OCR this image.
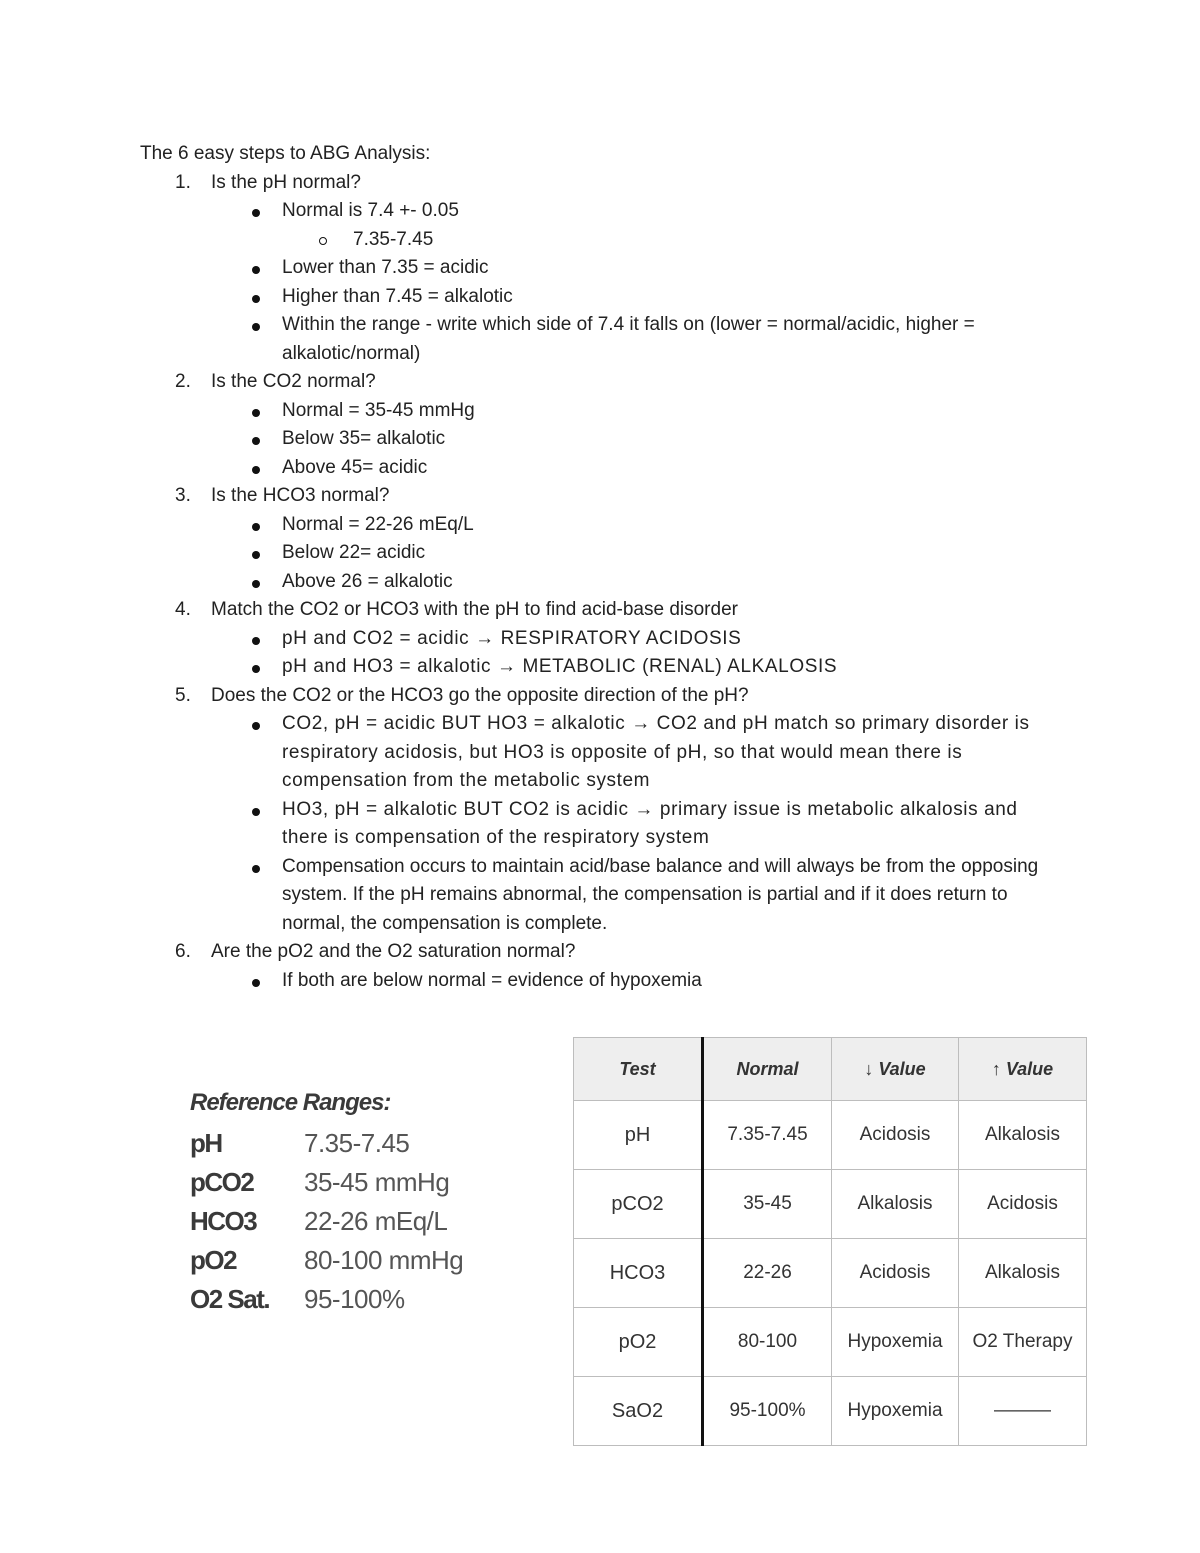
The 6 easy steps to ABG Analysis:

1. Is the pH normal?
Normal is 7.4 +- 0.05
7.35-7.45
Lower than 7.35 = acidic
Higher than 7.45 = alkalotic
Within the range - write which side of 7.4 it falls on (lower = normal/acidic, higher = alkalotic/normal)
2. Is the CO2 normal?
Normal = 35-45 mmHg
Below 35= alkalotic
Above 45= acidic
3. Is the HCO3 normal?
Normal = 22-26 mEq/L
Below 22= acidic
Above 26 = alkalotic
4. Match the CO2 or HCO3 with the pH to find acid-base disorder
pH and CO2 = acidic → RESPIRATORY ACIDOSIS
pH and HO3 = alkalotic → METABOLIC (RENAL) ALKALOSIS
5. Does the CO2 or the HCO3 go the opposite direction of the pH?
CO2, pH = acidic BUT HO3 = alkalotic → CO2 and pH match so primary disorder is respiratory acidosis, but HO3 is opposite of pH, so that would mean there is compensation from the metabolic system
HO3, pH = alkalotic BUT CO2 is acidic → primary issue is metabolic alkalosis and there is compensation of the respiratory system
Compensation occurs to maintain acid/base balance and will always be from the opposing system. If the pH remains abnormal, the compensation is partial and if it does return to normal, the compensation is complete.
6. Are the pO2 and the O2 saturation normal?
If both are below normal = evidence of hypoxemia

Reference Ranges:

pH	7.35-7.45
pCO2	35-45 mmHg
HCO3	22-26 mEq/L
pO2	80-100 mmHg
O2 Sat.	95-100%
Test	Normal	↓ Value	↑ Value
pH	7.35-7.45	Acidosis	Alkalosis
pCO2	35-45	Alkalosis	Acidosis
HCO3	22-26	Acidosis	Alkalosis
pO2	80-100	Hypoxemia	O2 Therapy
SaO2	95-100%	Hypoxemia	———
